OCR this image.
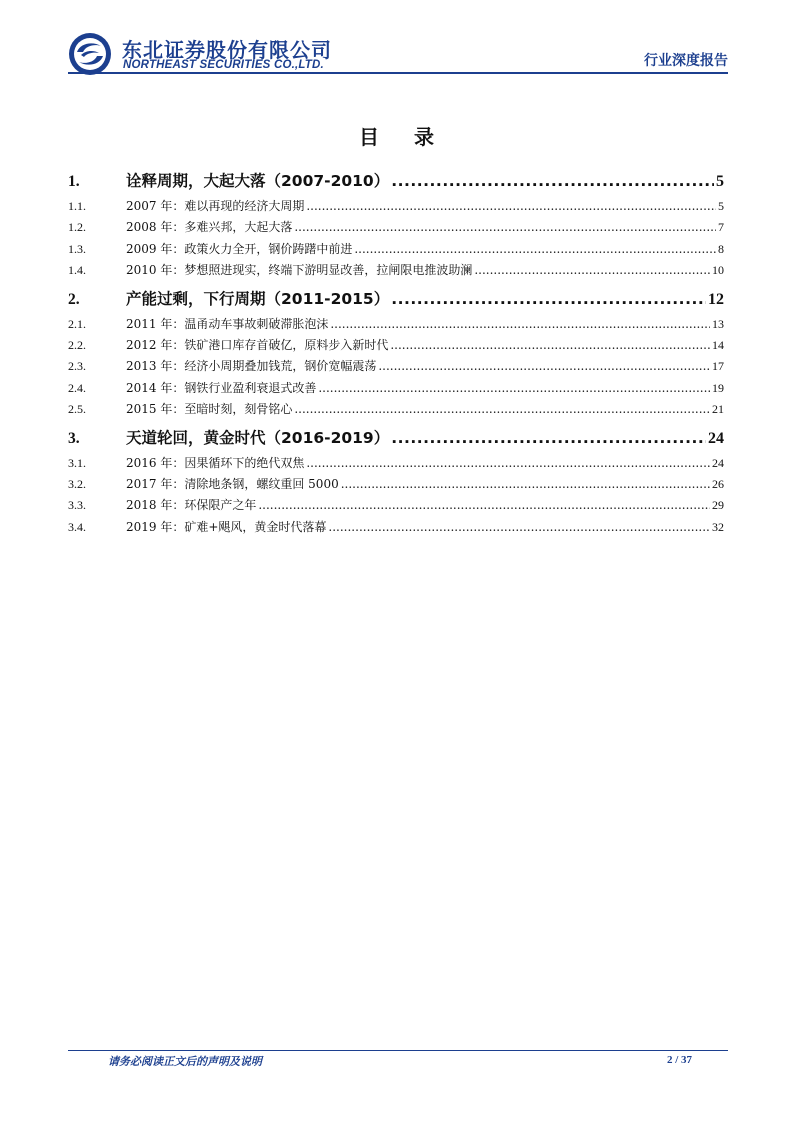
东北证券股份有限公司
NORTHEAST SECURITIES CO.,LTD.	行业深度报告
目 录
1.	诠释周期，大起大落（2007-2010） .....	5
1.1.	2007 年：难以再现的经济大周期 .....	5
1.2.	2008 年：多难兴邦，大起大落 .....	7
1.3.	2009 年：政策火力全开，钢价踌躇中前进 .....	8
1.4.	2010 年：梦想照进现实，终端下游明显改善，拉闸限电推波助澜 .....	10
2.	产能过剩，下行周期（2011-2015） .....	12
2.1.	2011 年：温甬动车事故刺破滞胀泡沫 .....	13
2.2.	2012 年：铁矿港口库存首破亿，原料步入新时代 .....	14
2.3.	2013 年：经济小周期叠加钱荒，钢价宽幅震荡 .....	17
2.4.	2014 年：钢铁行业盈利衰退式改善 .....	19
2.5.	2015 年：至暗时刻，刻骨铭心 .....	21
3.	天道轮回，黄金时代（2016-2019） .....	24
3.1.	2016 年：因果循环下的绝代双焦 .....	24
3.2.	2017 年：清除地条钢，螺纹重回 5000 .....	26
3.3.	2018 年：环保限产之年 .....	29
3.4.	2019 年：矿难+飓风，黄金时代落幕 .....	32
请务必阅读正文后的声明及说明	2 / 37
